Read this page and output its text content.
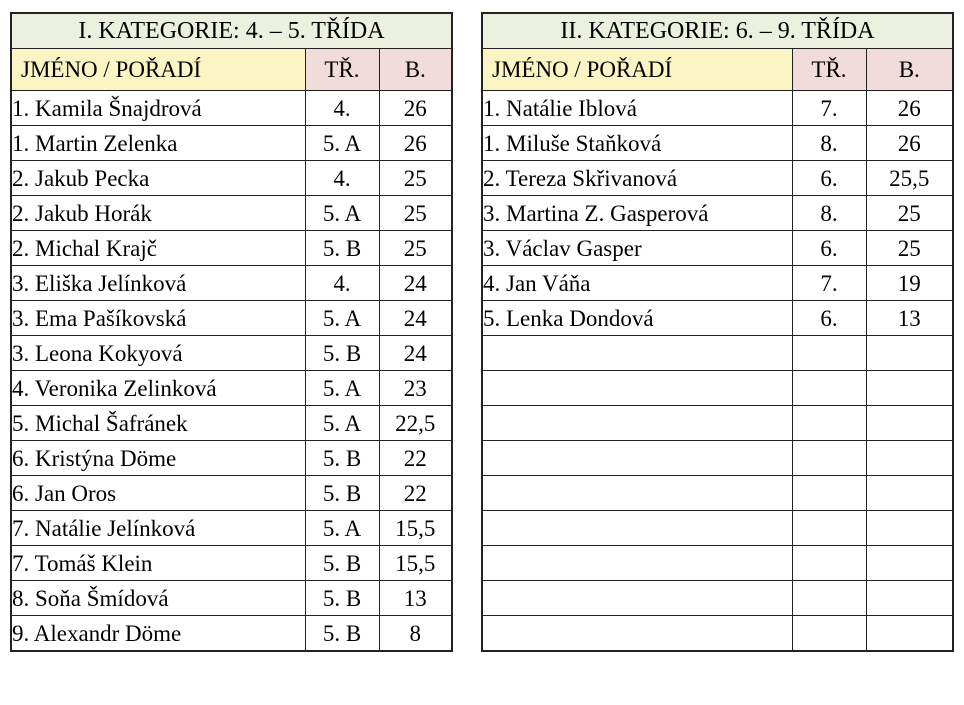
I. KATEGORIE: 4. – 5. TŘÍDA		
JMÉNO / POŘADÍ	TŘ.	B.
1. Kamila Šnajdrová	4.	26
1. Martin Zelenka	5. A	26
2. Jakub Pecka	4.	25
2. Jakub Horák	5. A	25
2. Michal Krajč	5. B	25
3. Eliška Jelínková	4.	24
3. Ema Pašíkovská	5. A	24
3. Leona Kokyová	5. B	24
4. Veronika Zelinková	5. A	23
5. Michal Šafránek	5. A	22,5
6. Kristýna Döme	5. B	22
6. Jan Oros	5. B	22
7. Natálie Jelínková	5. A	15,5
7. Tomáš Klein	5. B	15,5
8. Soňa Šmídová	5. B	13
9. Alexandr Döme	5. B	8
II. KATEGORIE: 6. – 9. TŘÍDA		
JMÉNO / POŘADÍ	TŘ.	B.
1. Natálie Iblová	7.	26
1. Miluše Staňková	8.	26
2. Tereza Skřivanová	6.	25,5
3. Martina Z. Gasperová	8.	25
3. Václav Gasper	6.	25
4. Jan Váňa	7.	19
5. Lenka Dondová	6.	13
